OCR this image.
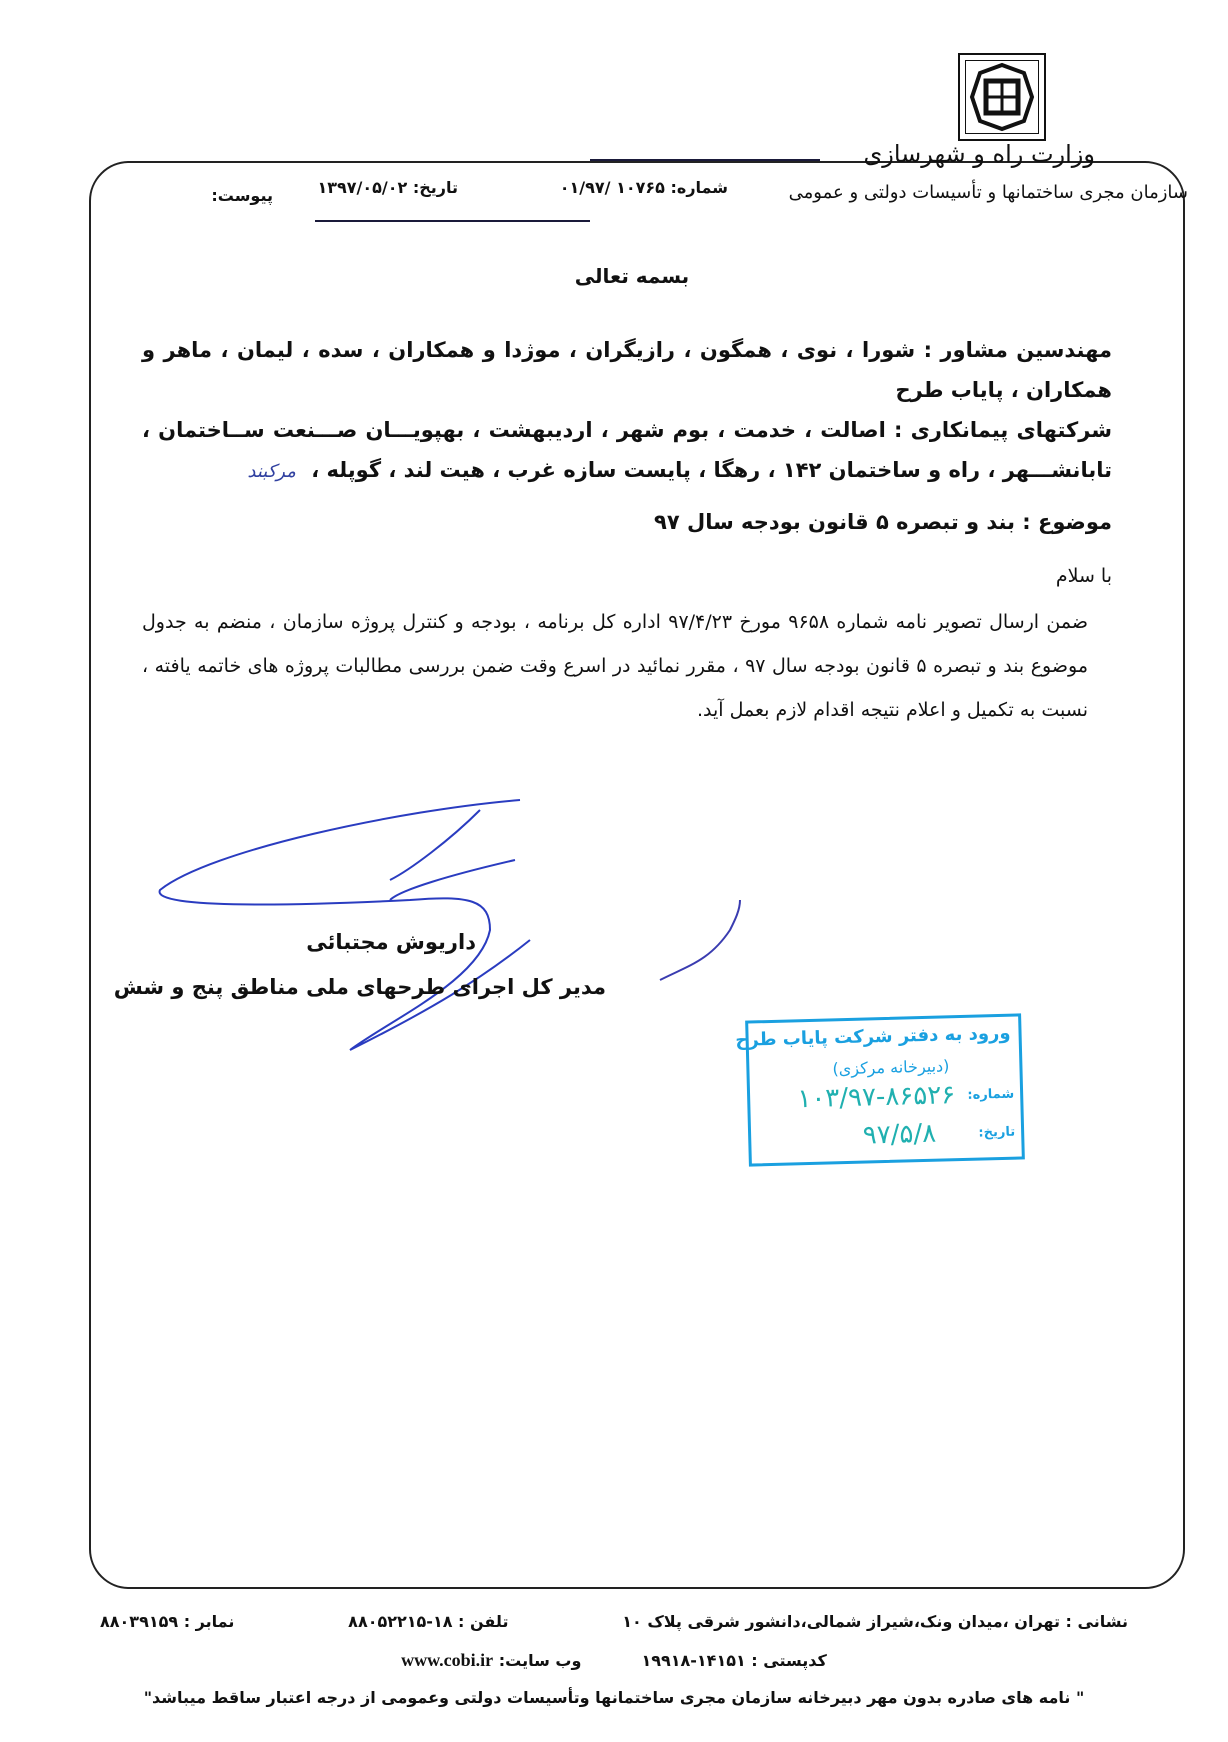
وزارت راه و شهرسازی
سازمان مجری ساختمانها و تأسیسات دولتی و عمومی
شماره: ۱۰۷۶۵ /۰۱/۹۷
تاریخ: ۱۳۹۷/۰۵/۰۲
پیوست:
بسمه تعالی
مهندسین مشاور : شورا ، نوی ، همگون ، رازیگران ، موژدا و همکاران ، سده ، لیمان ، ماهر و همکاران ، پایاب طرح
شرکتهای پیمانکاری : اصالت ، خدمت ، بوم شهر ، اردیبهشت ، بهپویـــان صـــنعت ســاختمان ، تابانشـــهر ، راه و ساختمان ۱۴۲ ، رهگا ، پایست سازه غرب ، هیت لند ، گوپله ، مرکبند
موضوع : بند و تبصره ۵ قانون بودجه سال ۹۷
با سلام
ضمن ارسال تصویر نامه شماره ۹۶۵۸ مورخ ۹۷/۴/۲۳ اداره کل برنامه ، بودجه و کنترل پروژه سازمان ، منضم به جدول موضوع بند و تبصره ۵ قانون بودجه سال ۹۷ ، مقرر نمائید در اسرع وقت ضمن بررسی مطالبات پروژه های خاتمه یافته ، نسبت به تکمیل و اعلام نتیجه اقدام لازم بعمل آید.
داریوش مجتبائی
مدیر کل اجرای طرحهای ملی مناطق پنج و شش
ورود به دفتر شرکت پایاب طرح
(دبیرخانه مرکزی)
شماره:
۱۰۳/۹۷-۸۶۵۲۶
تاریخ:
۹۷/۵/۸
نشانی : تهران ،میدان ونک،شیراز شمالی،دانشور شرقی پلاک ۱۰
تلفن : ۱۸-۸۸۰۵۲۲۱۵
نمابر : ۸۸۰۳۹۱۵۹
کدپستی : ۱۴۱۵۱-۱۹۹۱۸
وب سایت: www.cobi.ir
" نامه های صادره بدون مهر دبیرخانه سازمان مجری ساختمانها وتأسیسات دولتی وعمومی از درجه اعتبار ساقط میباشد"
